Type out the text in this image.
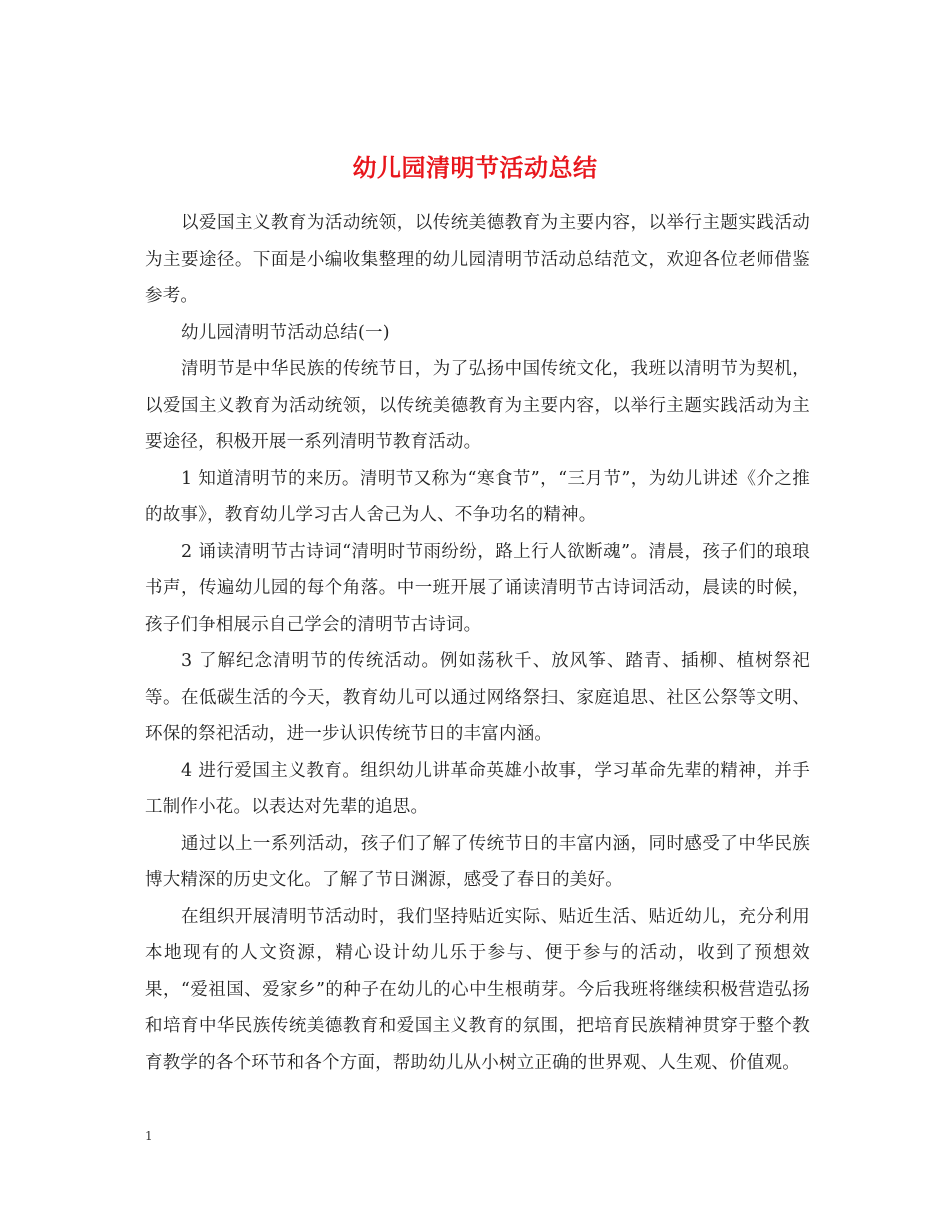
幼儿园清明节活动总结

以爱国主义教育为活动统领，以传统美德教育为主要内容，以举行主题实践活动为主要途径。下面是小编收集整理的幼儿园清明节活动总结范文，欢迎各位老师借鉴参考。

幼儿园清明节活动总结(一)

清明节是中华民族的传统节日，为了弘扬中国传统文化，我班以清明节为契机，以爱国主义教育为活动统领，以传统美德教育为主要内容，以举行主题实践活动为主要途径，积极开展一系列清明节教育活动。

1 知道清明节的来历。清明节又称为“寒食节”，“三月节”，为幼儿讲述《介之推的故事》，教育幼儿学习古人舍己为人、不争功名的精神。

2 诵读清明节古诗词“清明时节雨纷纷，路上行人欲断魂”。清晨，孩子们的琅琅书声，传遍幼儿园的每个角落。中一班开展了诵读清明节古诗词活动，晨读的时候，孩子们争相展示自己学会的清明节古诗词。

3 了解纪念清明节的传统活动。例如荡秋千、放风筝、踏青、插柳、植树祭祀等。在低碳生活的今天，教育幼儿可以通过网络祭扫、家庭追思、社区公祭等文明、环保的祭祀活动，进一步认识传统节日的丰富内涵。

4 进行爱国主义教育。组织幼儿讲革命英雄小故事，学习革命先辈的精神，并手工制作小花。以表达对先辈的追思。

通过以上一系列活动，孩子们了解了传统节日的丰富内涵，同时感受了中华民族博大精深的历史文化。了解了节日渊源，感受了春日的美好。

在组织开展清明节活动时，我们坚持贴近实际、贴近生活、贴近幼儿，充分利用本地现有的人文资源，精心设计幼儿乐于参与、便于参与的活动，收到了预想效果，“爱祖国、爱家乡”的种子在幼儿的心中生根萌芽。今后我班将继续积极营造弘扬和培育中华民族传统美德教育和爱国主义教育的氛围，把培育民族精神贯穿于整个教育教学的各个环节和各个方面，帮助幼儿从小树立正确的世界观、人生观、价值观。

1
